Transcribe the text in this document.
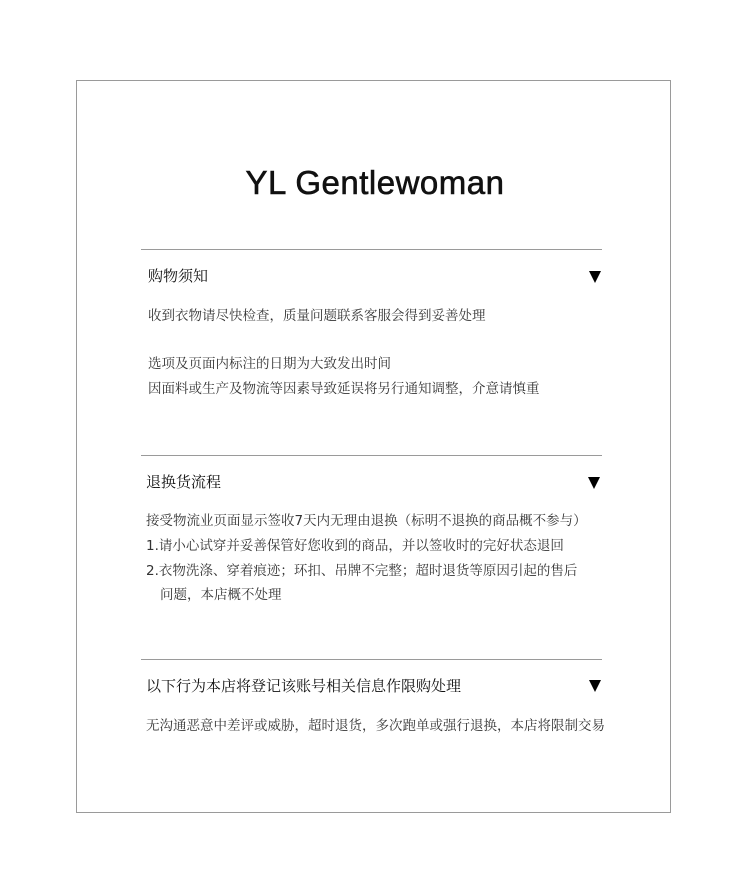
YL Gentlewoman
购物须知
收到衣物请尽快检查，质量问题联系客服会得到妥善处理
选项及页面内标注的日期为大致发出时间
因面料或生产及物流等因素导致延误将另行通知调整，介意请慎重
退换货流程
接受物流业页面显示签收7天内无理由退换（标明不退换的商品概不参与）
1.请小心试穿并妥善保管好您收到的商品，并以签收时的完好状态退回
2.衣物洗涤、穿着痕迹；环扣、吊牌不完整；超时退货等原因引起的售后
问题，本店概不处理
以下行为本店将登记该账号相关信息作限购处理
无沟通恶意中差评或威胁，超时退货，多次跑单或强行退换，本店将限制交易
